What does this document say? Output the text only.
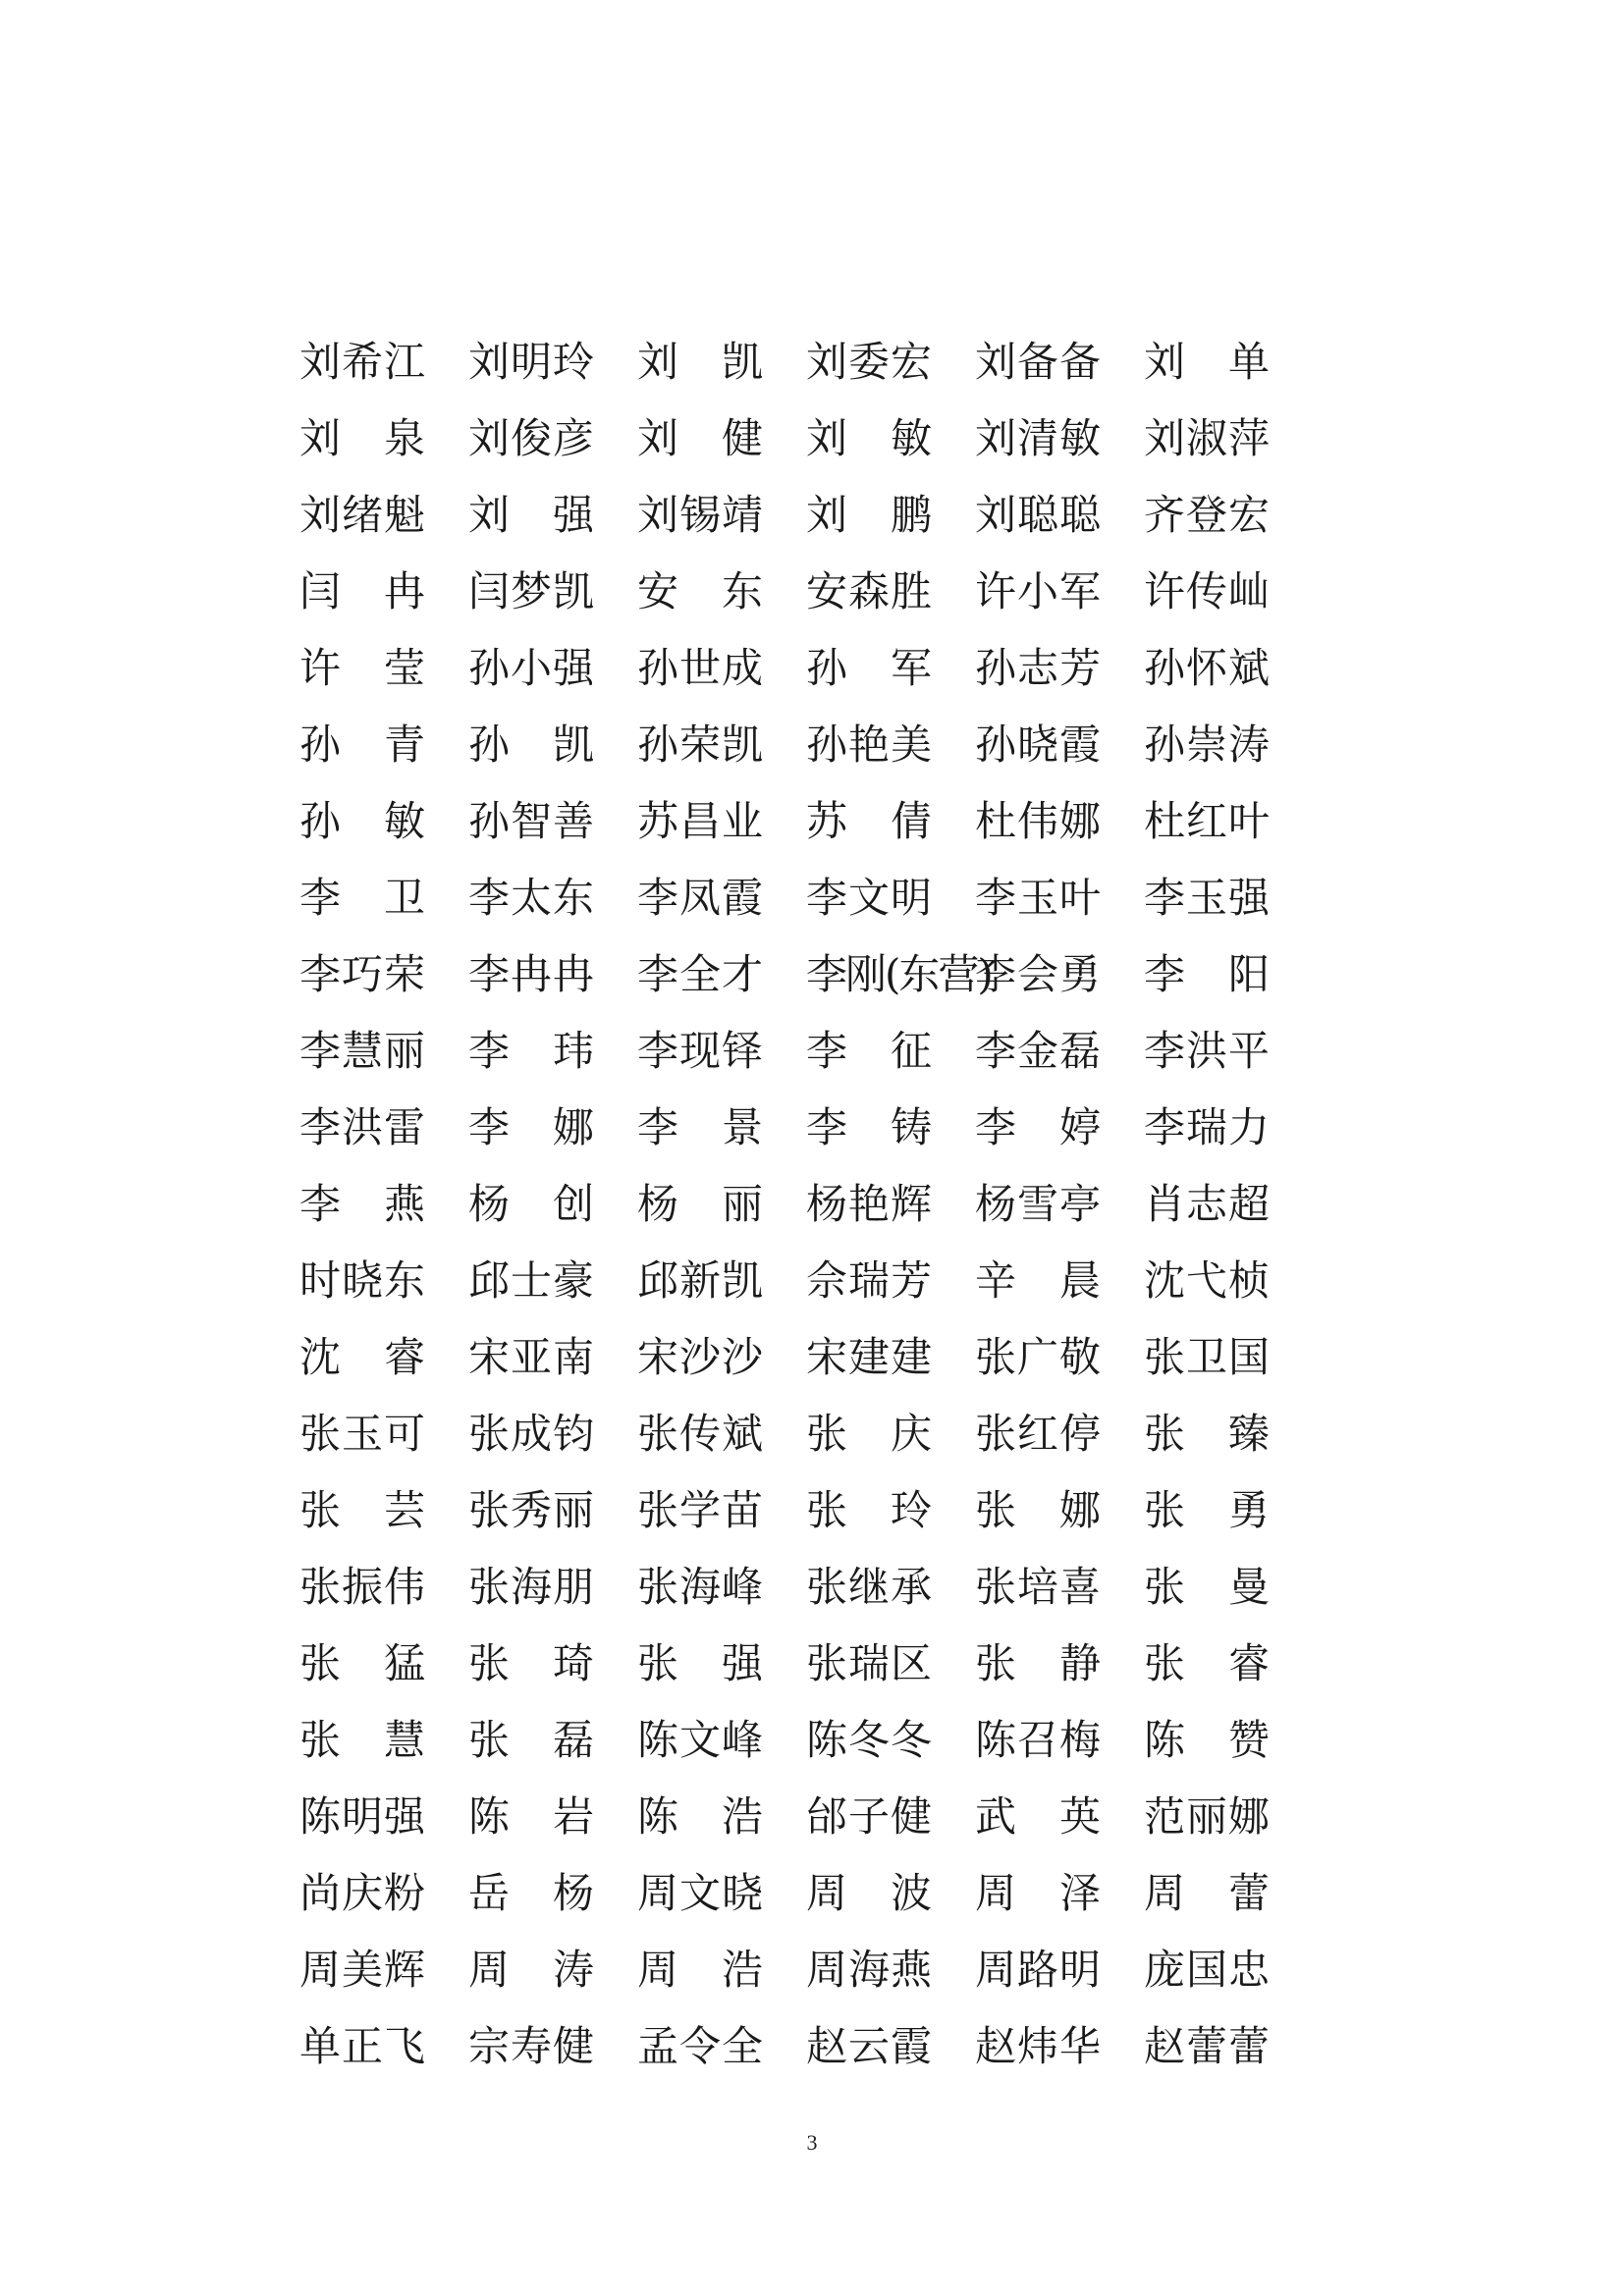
刘希江 刘明玲 刘 凯 刘委宏 刘备备 刘 单
刘 泉 刘俊彦 刘 健 刘 敏 刘清敏 刘淑萍
刘绪魁 刘 强 刘锡靖 刘 鹏 刘聪聪 齐登宏
闫 冉 闫梦凯 安 东 安森胜 许小军 许传屾
许 莹 孙小强 孙世成 孙 军 孙志芳 孙怀斌
孙 青 孙 凯 孙荣凯 孙艳美 孙晓霞 孙崇涛
孙 敏 孙智善 苏昌业 苏 倩 杜伟娜 杜红叶
李 卫 李太东 李凤霞 李文明 李玉叶 李玉强
李巧荣 李冉冉 李全才 李刚(东营)
李会勇 李 阳
李慧丽 李 玮 李现铎 李 征 李金磊 李洪平
李洪雷 李 娜 李 景 李 铸 李 婷 李瑞力
李 燕 杨 创 杨 丽 杨艳辉 杨雪亭 肖志超
时晓东 邱士豪 邱新凯 佘瑞芳 辛 晨 沈弋桢
沈 睿 宋亚南 宋沙沙 宋建建 张广敬 张卫国
张玉可 张成钧 张传斌 张 庆 张红停 张 臻
张 芸 张秀丽 张学苗 张 玲 张 娜 张 勇
张振伟 张海朋 张海峰 张继承 张培喜 张 曼
张 猛 张 琦 张 强 张瑞区 张 静 张 睿
张 慧 张 磊 陈文峰 陈冬冬 陈召梅 陈 赞
陈明强 陈 岩 陈 浩 邰子健 武 英 范丽娜
尚庆粉 岳 杨 周文晓 周 波 周 泽 周 蕾
周美辉 周 涛 周 浩 周海燕 周路明 庞国忠
单正飞 宗寿健 孟令全 赵云霞 赵炜华 赵蕾蕾
3
